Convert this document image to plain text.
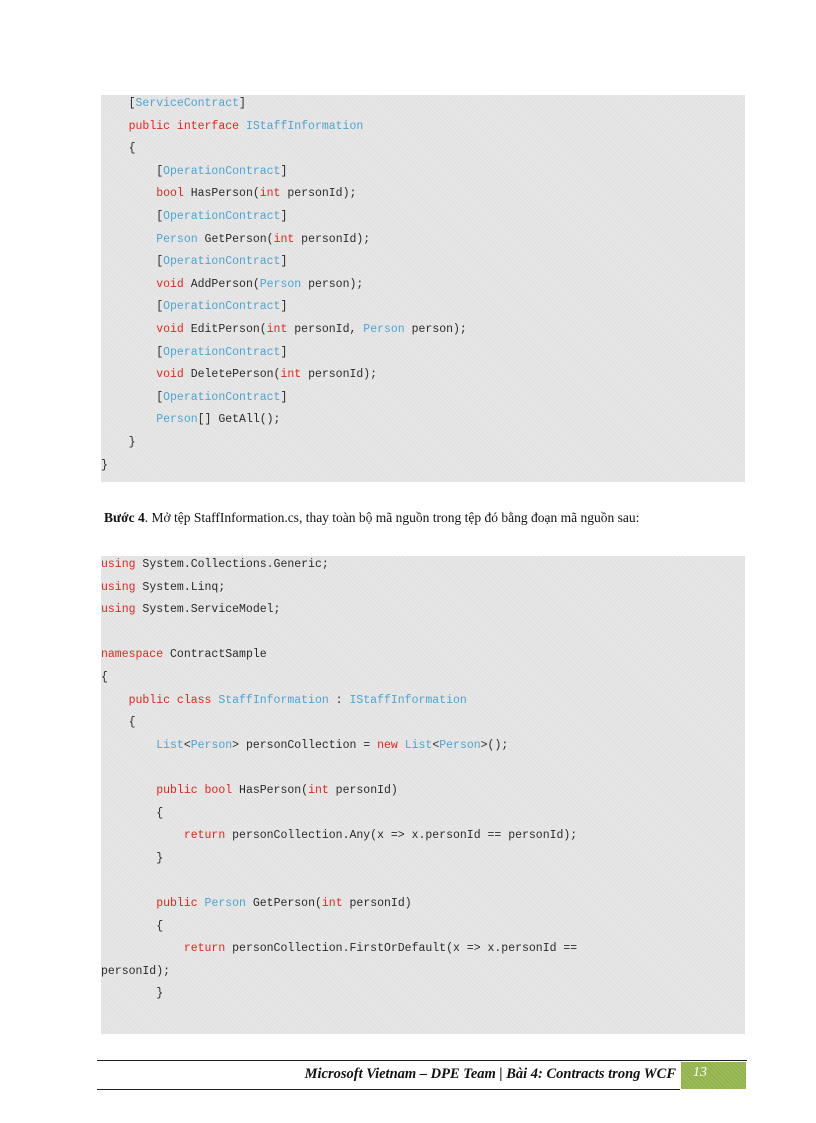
[ServiceContract]
public interface IStaffInformation
{
[OperationContract]
bool HasPerson(int personId);
[OperationContract]
Person GetPerson(int personId);
[OperationContract]
void AddPerson(Person person);
[OperationContract]
void EditPerson(int personId, Person person);
[OperationContract]
void DeletePerson(int personId);
[OperationContract]
Person[] GetAll();
}
}
Bước 4. Mở tệp StaffInformation.cs, thay toàn bộ mã nguồn trong tệp đó bằng đoạn mã nguồn sau:
using System.Collections.Generic;
using System.Linq;
using System.ServiceModel;
namespace ContractSample
{
public class StaffInformation : IStaffInformation
{
List<Person> personCollection = new List<Person>();
public bool HasPerson(int personId)
{
return personCollection.Any(x => x.personId == personId);
}
public Person GetPerson(int personId)
{
return personCollection.FirstOrDefault(x => x.personId ==
personId);
}
Microsoft Vietnam – DPE Team | Bài 4: Contracts trong WCF 13
